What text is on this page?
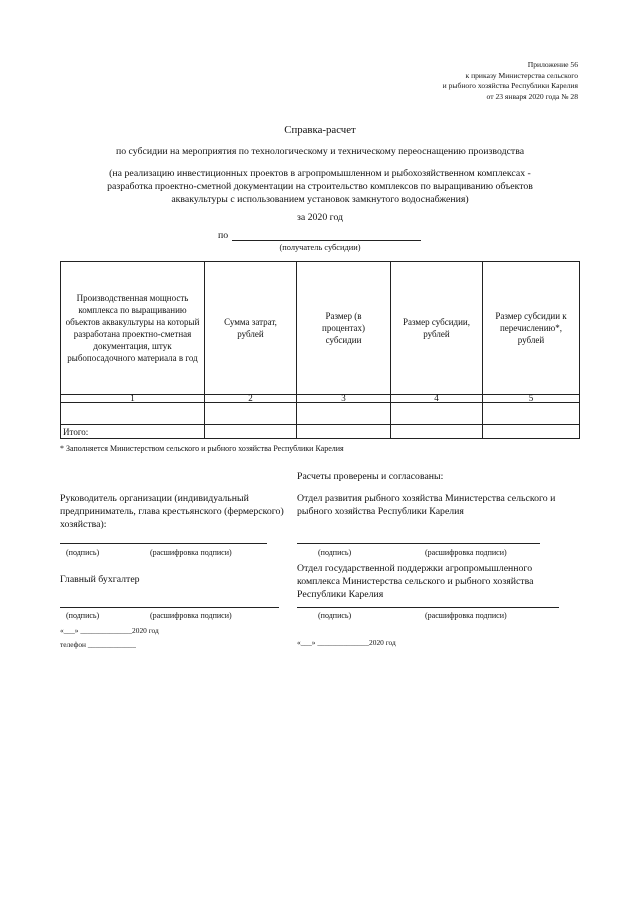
Приложение 56
к приказу Министерства сельского
и рыбного хозяйства Республики Карелия
от 23 января 2020 года № 28
Справка-расчет
по субсидии на мероприятия по технологическому и техническому переоснащению производства
(на реализацию инвестиционных проектов в агропромышленном и рыбохозяйственном комплексах -
разработка проектно-сметной документации на строительство комплексов по выращиванию объектов
аквакультуры с использованием установок замкнутого водоснабжения)
за 2020 год
по
(получатель субсидии)
Производственная мощность комплекса по выращиванию объектов аквакультуры на который разработана проектно-сметная документация, штук рыбопосадочного материала в год	Сумма затрат, рублей	Размер (в процентах) субсидии	Размер субсидии, рублей	Размер субсидии к перечислению*, рублей
1	2	3	4	5

Итого:				
* Заполняется Министерством сельского и рыбного хозяйства Республики Карелия
Расчеты проверены и согласованы:
Руководитель организации (индивидуальный
предприниматель, глава крестьянского (фермерского)
хозяйства):
(подпись)	(расшифровка подписи)
Главный бухгалтер
(подпись)	(расшифровка подписи)
«___» ______________2020 год
телефон _____________
Отдел развития рыбного хозяйства Министерства сельского и
рыбного хозяйства Республики Карелия
(подпись)	(расшифровка подписи)
Отдел государственной поддержки агропромышленного
комплекса Министерства сельского и рыбного хозяйства
Республики Карелия
(подпись)	(расшифровка подписи)
«___» ______________2020 год
